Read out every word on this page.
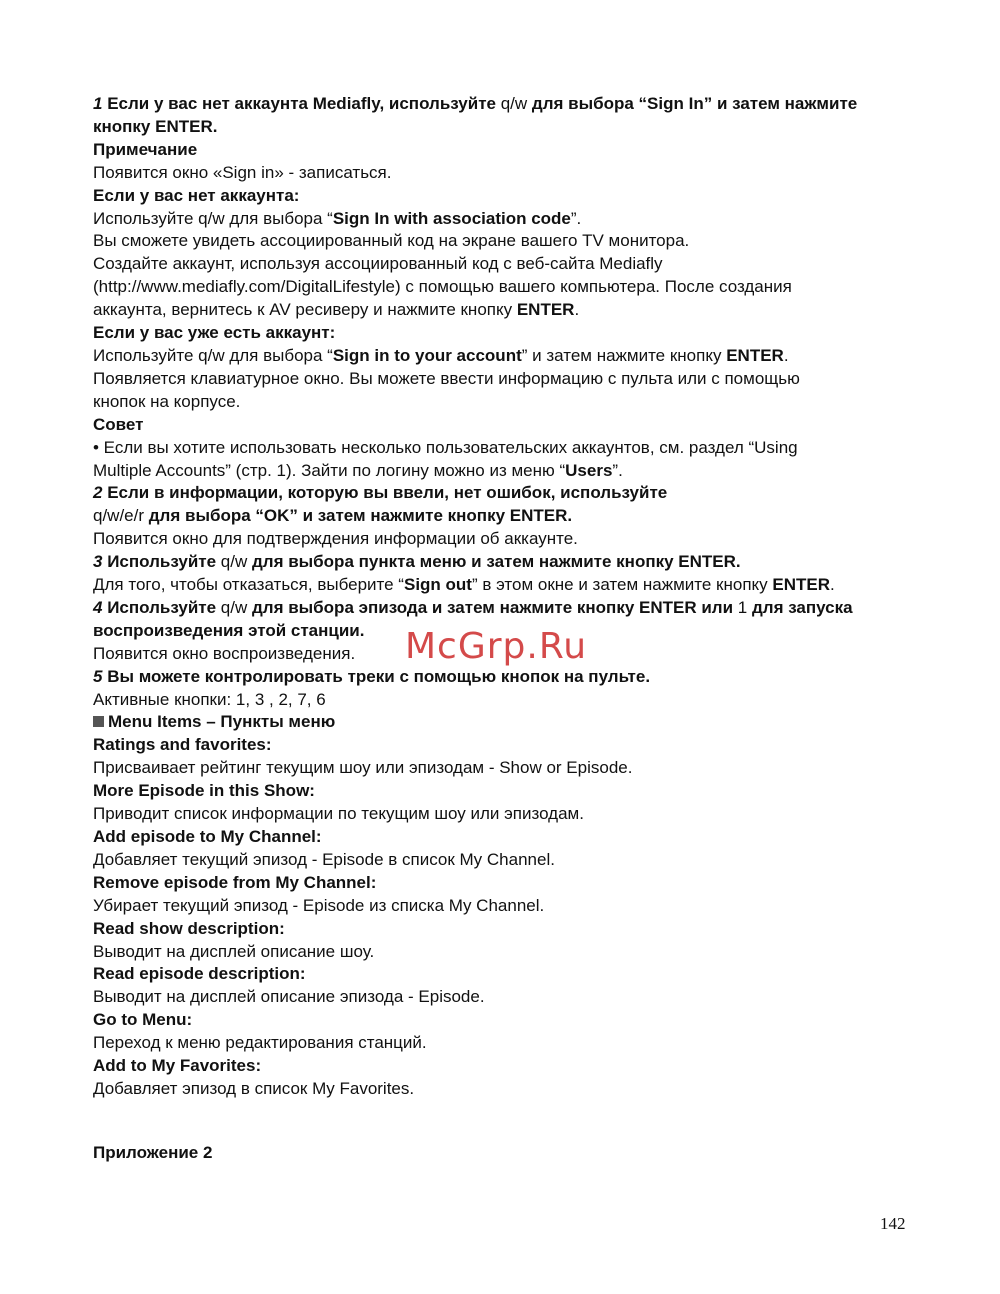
1 Если у вас нет аккаунта Mediafly, используйте q/w для выбора “Sign In” и затем нажмите
кнопку ENTER.
Примечание
Появится окно «Sign in» - записаться.
Если у вас нет аккаунта:
Используйте q/w для выбора “Sign In with association code”.
Вы сможете увидеть ассоциированный код на экране вашего TV монитора.
Создайте аккаунт, используя ассоциированный код с веб-сайта Mediafly
(http://www.mediafly.com/DigitalLifestyle) с помощью вашего компьютера. После создания
аккаунта, вернитесь к AV ресиверу и нажмите кнопку ENTER.
Если у вас уже есть аккаунт:
Используйте q/w для выбора “Sign in to your account” и затем нажмите кнопку ENTER.
Появляется клавиатурное окно. Вы можете ввести информацию с пульта или с помощью
кнопок на корпусе.
Совет
• Если вы хотите использовать несколько пользовательских аккаунтов, см. раздел “Using
Multiple Accounts” (стр. 1). Зайти по логину можно из меню “Users”.
2 Если в информации, которую вы ввели, нет ошибок, используйте
q/w/e/r для выбора “OK” и затем нажмите кнопку ENTER.
Появится окно для подтверждения информации об аккаунте.
3 Используйте q/w для выбора пункта меню и затем нажмите кнопку ENTER.
Для того, чтобы отказаться, выберите “Sign out” в этом окне и затем нажмите кнопку ENTER.
4 Используйте q/w для выбора эпизода и затем нажмите кнопку ENTER или 1 для запуска
воспроизведения этой станции.
Появится окно воспроизведения.
5 Вы можете контролировать треки с помощью кнопок на пульте.
Активные кнопки: 1, 3 , 2, 7, 6
Menu Items – Пункты меню
Ratings and favorites:
Присваивает рейтинг текущим шоу или эпизодам - Show or Episode.
More Episode in this Show:
Приводит список информации по текущим шоу или эпизодам.
Add episode to My Channel:
Добавляет текущий эпизод - Episode в список My Channel.
Remove episode from My Channel:
Убирает текущий эпизод - Episode из списка My Channel.
Read show description:
Выводит на дисплей описание шоу.
Read episode description:
Выводит на дисплей описание эпизода - Episode.
Go to Menu:
Переход к меню редактирования станций.
Add to My Favorites:
Добавляет эпизод в список My Favorites.
McGrp.Ru
Приложение 2
142
